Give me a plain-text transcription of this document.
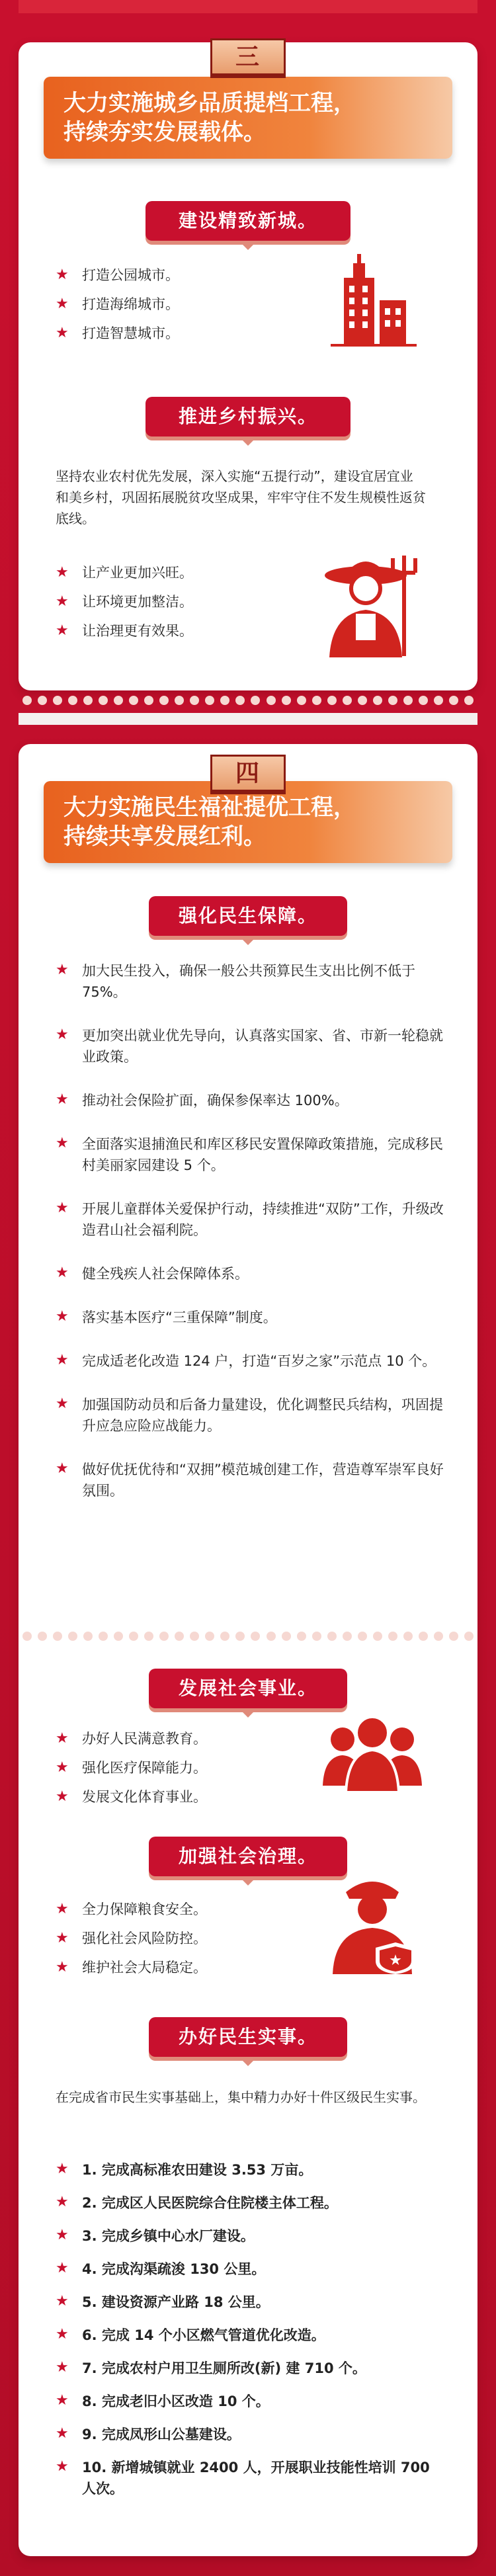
大力实施城乡品质提档工程，
持续夯实发展载体。
三
建设精致新城。
★ 打造公园城市。
★ 打造海绵城市。
★ 打造智慧城市。
推进乡村振兴。

坚持农业农村优先发展，深入实施“五提行动”，建设宜居宜业和美乡村，巩固拓展脱贫攻坚成果，牢牢守住不发生规模性返贫底线。

★ 让产业更加兴旺。
★ 让环境更加整洁。
★ 让治理更有效果。
大力实施民生福祉提优工程，
持续共享发展红利。
四
强化民生保障。
★ 加大民生投入，确保一般公共预算民生支出比例不低于 75%。
★ 更加突出就业优先导向，认真落实国家、省、市新一轮稳就业政策。
★ 推动社会保险扩面，确保参保率达 100%。
★ 全面落实退捕渔民和库区移民安置保障政策措施，完成移民村美丽家园建设 5 个。
★ 开展儿童群体关爱保护行动，持续推进“双防”工作，升级改造君山社会福利院。
★ 健全残疾人社会保障体系。
★ 落实基本医疗“三重保障”制度。
★ 完成适老化改造 124 户，打造“百岁之家”示范点 10 个。
★ 加强国防动员和后备力量建设，优化调整民兵结构，巩固提升应急应险应战能力。
★ 做好优抚优待和“双拥”模范城创建工作，营造尊军崇军良好氛围。
发展社会事业。
★ 办好人民满意教育。
★ 强化医疗保障能力。
★ 发展文化体育事业。
加强社会治理。
★ 全力保障粮食安全。
★ 强化社会风险防控。
★ 维护社会大局稳定。	★
办好民生实事。

在完成省市民生实事基础上，集中精力办好十件区级民生实事。

★ 1. 完成高标准农田建设 3.53 万亩。
★ 2. 完成区人民医院综合住院楼主体工程。
★ 3. 完成乡镇中心水厂建设。
★ 4. 完成沟渠疏浚 130 公里。
★ 5. 建设资源产业路 18 公里。
★ 6. 完成 14 个小区燃气管道优化改造。
★ 7. 完成农村户用卫生厕所改(新) 建 710 个。
★ 8. 完成老旧小区改造 10 个。
★ 9. 完成凤形山公墓建设。
★ 10. 新增城镇就业 2400 人，开展职业技能性培训 700 人次。
